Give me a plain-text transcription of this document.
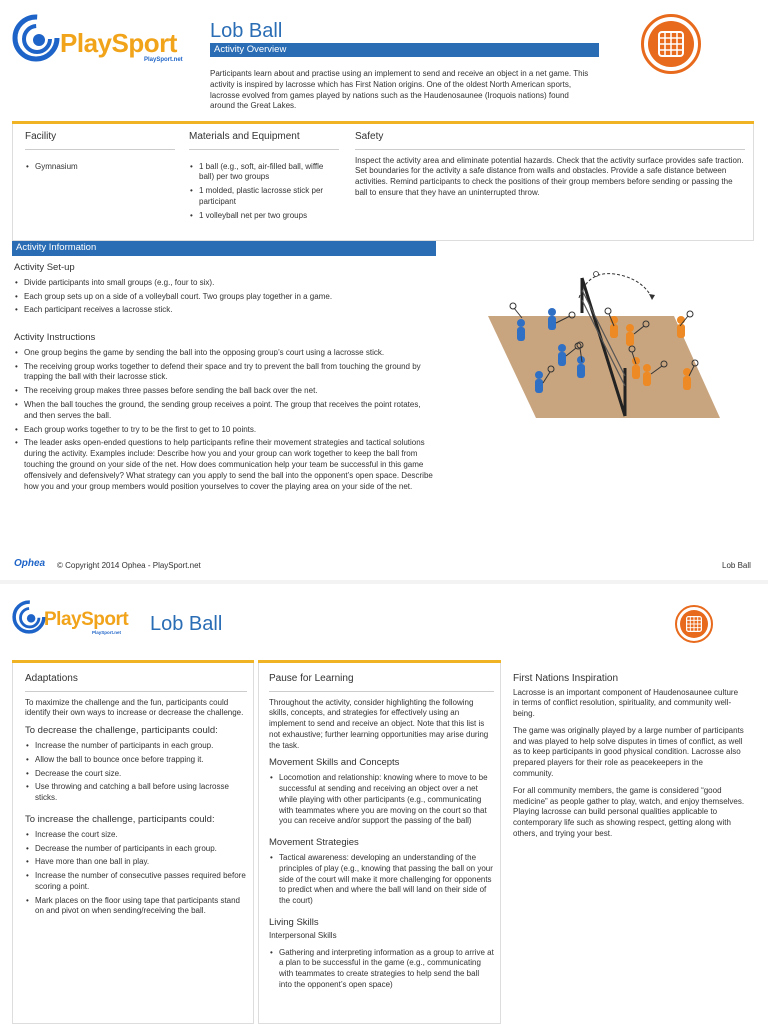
PlaySport
PlaySport.net
Lob Ball
Activity Overview
Participants learn about and practise using an implement to send and receive an object in a net game. This activity is inspired by lacrosse which has First Nation origins. One of the oldest North American sports, lacrosse evolved from games played by nations such as the Haudenosaunee (Iroquois nations) found around the Great Lakes.
Facility
• Gymnasium
Materials and Equipment
• 1 ball (e.g., soft, air-filled ball, wiffle ball) per two groups
• 1 molded, plastic lacrosse stick per participant
• 1 volleyball net per two groups
Safety
Inspect the activity area and eliminate potential hazards. Check that the activity surface provides safe traction. Set boundaries for the activity a safe distance from walls and obstacles. Provide a safe distance between activities. Remind participants to check the positions of their group members before sending or passing the ball to ensure that they have an uninterrupted throw.
Activity Information
Activity Set-up
• Divide participants into small groups (e.g., four to six).
• Each group sets up on a side of a volleyball court. Two groups play together in a game.
• Each participant receives a lacrosse stick.
Activity Instructions
• One group begins the game by sending the ball into the opposing group’s court using a lacrosse stick.
• The receiving group works together to defend their space and try to prevent the ball from touching the ground by trapping the ball with their lacrosse stick.
• The receiving group makes three passes before sending the ball back over the net.
• When the ball touches the ground, the sending group receives a point. The group that receives the point rotates, and then serves the ball.
• Each group works together to try to be the first to get to 10 points.
• The leader asks open-ended questions to help participants refine their movement strategies and tactical solutions during the activity. Examples include: Describe how you and your group can work together to keep the ball from touching the ground on your side of the net. How does communication help your team be successful in this game offensively and defensively? What strategy can you apply to send the ball into the opponent’s open space. Describe how you and your group members would position yourselves to cover the playing area on your side of the net.
Ophea	© Copyright 2014 Ophea - PlaySport.net	Lob Ball
PlaySport
PlaySport.net Lob Ball
Adaptations
To maximize the challenge and the fun, participants could identify their own ways to increase or decrease the challenge.
To decrease the challenge, participants could:
• Increase the number of participants in each group.
• Allow the ball to bounce once before trapping it.
• Decrease the court size.
• Use throwing and catching a ball before using lacrosse sticks.
To increase the challenge, participants could:
• Increase the court size.
• Decrease the number of participants in each group.
• Have more than one ball in play.
• Increase the number of consecutive passes required before scoring a point.
• Mark places on the floor using tape that participants stand on and pivot on when sending/receiving the ball.
Pause for Learning
Throughout the activity, consider highlighting the following skills, concepts, and strategies for effectively using an implement to send and receive an object. Note that this list is not exhaustive; further learning opportunities may arise during the task.
Movement Skills and Concepts
• Locomotion and relationship: knowing where to move to be successful at sending and receiving an object over a net while playing with other participants (e.g., communicating with teammates where you are moving on the court so that you can receive and/or support the passing of the ball)
Movement Strategies
• Tactical awareness: developing an understanding of the principles of play (e.g., knowing that passing the ball on your side of the court will make it more challenging for opponents to predict when and where the ball will land on their side of the court)
Living Skills
Interpersonal Skills
• Gathering and interpreting information as a group to arrive at a plan to be successful in the game (e.g., communicating with teammates to create strategies to help send the ball into the opponent’s open space)
First Nations Inspiration
Lacrosse is an important component of Haudenosaunee culture in terms of conflict resolution, spirituality, and community well-being.
The game was originally played by a large number of participants and was played to help solve disputes in times of conflict, as well as to keep participants in good physical condition. Lacrosse also prepared players for their role as peacekeepers in the community.
For all community members, the game is considered “good medicine” as people gather to play, watch, and enjoy themselves. Playing lacrosse can build personal qualities applicable to contemporary life such as showing respect, getting along with others, and trying your best.
